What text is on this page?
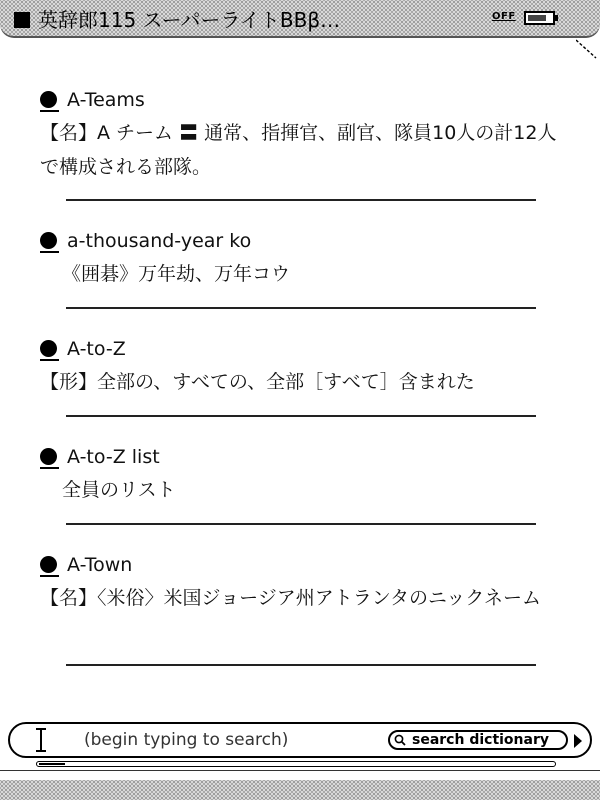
英辞郎115 スーパーライトBBβ…	OFF
A-Teams
【名】A チーム 〓 通常、指揮官、副官、隊員10人の計12人で構成される部隊。
a-thousand-year ko
《囲碁》万年劫、万年コウ
A-to-Z
【形】全部の、すべての、全部［すべて］含まれた
A-to-Z list
全員のリスト
A-Town
【名】〈米俗〉米国ジョージア州アトランタのニックネーム
(begin typing to search)	search dictionary
